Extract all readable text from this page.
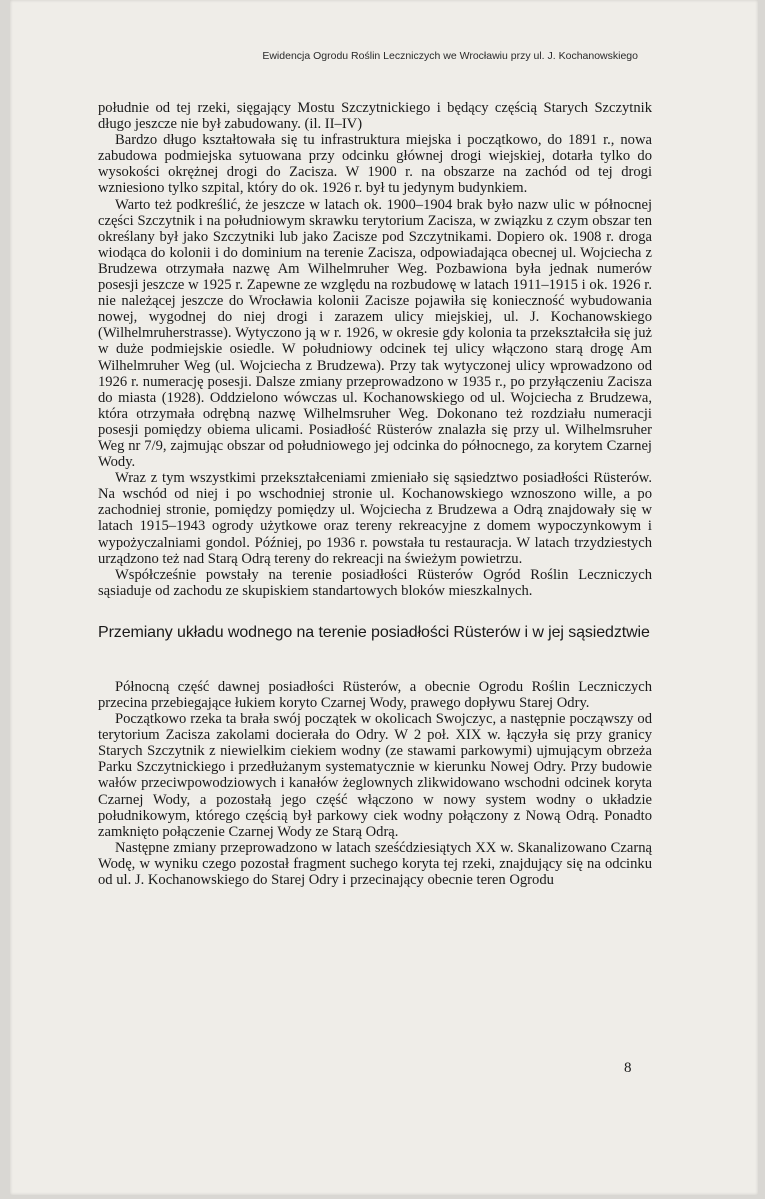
Ewidencja Ogrodu Roślin Leczniczych we Wrocławiu przy ul. J. Kochanowskiego

południe od tej rzeki, sięgający Mostu Szczytnickiego i będący częścią Starych Szczytnik długo jeszcze nie był zabudowany. (il. II–IV)

Bardzo długo kształtowała się tu infrastruktura miejska i początkowo, do 1891 r., nowa zabudowa podmiejska sytuowana przy odcinku głównej drogi wiejskiej, dotarła tylko do wysokości okrężnej drogi do Zacisza. W 1900 r. na obszarze na zachód od tej drogi wzniesiono tylko szpital, który do ok. 1926 r. był tu jedynym budynkiem.

Warto też podkreślić, że jeszcze w latach ok. 1900–1904 brak było nazw ulic w północnej części Szczytnik i na południowym skrawku terytorium Zacisza, w związku z czym obszar ten określany był jako Szczytniki lub jako Zacisze pod Szczytnikami. Dopiero ok. 1908 r. droga wiodąca do kolonii i do dominium na terenie Zacisza, odpowiadająca obecnej ul. Wojciecha z Brudzewa otrzymała nazwę Am Wilhelmruher Weg. Pozbawiona była jednak numerów posesji jeszcze w 1925 r. Zapewne ze względu na rozbudowę w latach 1911–1915 i ok. 1926 r. nie należącej jeszcze do Wrocławia kolonii Zacisze pojawiła się konieczność wybudowania nowej, wygodnej do niej drogi i zarazem ulicy miejskiej, ul. J. Kochanowskiego (Wilhelmruherstrasse). Wytyczono ją w r. 1926, w okresie gdy kolonia ta przekształciła się już w duże podmiejskie osiedle. W południowy odcinek tej ulicy włączono starą drogę Am Wilhelmruher Weg (ul. Wojciecha z Brudzewa). Przy tak wytyczonej ulicy wprowadzono od 1926 r. numerację posesji. Dalsze zmiany przeprowadzono w 1935 r., po przyłączeniu Zacisza do miasta (1928). Oddzielono wówczas ul. Kochanowskiego od ul. Wojciecha z Brudzewa, która otrzymała odrębną nazwę Wilhelmsruher Weg. Dokonano też rozdziału numeracji posesji pomiędzy obiema ulicami. Posiadłość Rüsterów znalazła się przy ul. Wilhelmsruher Weg nr 7/9, zajmując obszar od południowego jej odcinka do północnego, za korytem Czarnej Wody.

Wraz z tym wszystkimi przekształceniami zmieniało się sąsiedztwo posiadłości Rüsterów. Na wschód od niej i po wschodniej stronie ul. Kochanowskiego wznoszono wille, a po zachodniej stronie, pomiędzy pomiędzy ul. Wojciecha z Brudzewa a Odrą znajdowały się w latach 1915–1943 ogrody użytkowe oraz tereny rekreacyjne z domem wypoczynkowym i wypożyczalniami gondol. Później, po 1936 r. powstała tu restauracja. W latach trzydziestych urządzono też nad Starą Odrą tereny do rekreacji na świeżym powietrzu.

Współcześnie powstały na terenie posiadłości Rüsterów Ogród Roślin Leczniczych sąsiaduje od zachodu ze skupiskiem standartowych bloków mieszkalnych.

Przemiany układu wodnego na terenie posiadłości Rüsterów i w jej sąsiedztwie

Północną część dawnej posiadłości Rüsterów, a obecnie Ogrodu Roślin Leczniczych przecina przebiegające łukiem koryto Czarnej Wody, prawego dopływu Starej Odry.

Początkowo rzeka ta brała swój początek w okolicach Swojczyc, a następnie począwszy od terytorium Zacisza zakolami docierała do Odry. W 2 poł. XIX w. łączyła się przy granicy Starych Szczytnik z niewielkim ciekiem wodny (ze stawami parkowymi) ujmującym obrzeża Parku Szczytnickiego i przedłużanym systematycznie w kierunku Nowej Odry. Przy budowie wałów przeciwpowodziowych i kanałów żeglownych zlikwidowano wschodni odcinek koryta Czarnej Wody, a pozostałą jego część włączono w nowy system wodny o układzie południkowym, którego częścią był parkowy ciek wodny połączony z Nową Odrą. Ponadto zamknięto połączenie Czarnej Wody ze Starą Odrą.

Następne zmiany przeprowadzono w latach sześćdziesiątych XX w. Skanalizowano Czarną Wodę, w wyniku czego pozostał fragment suchego koryta tej rzeki, znajdujący się na odcinku od ul. J. Kochanowskiego do Starej Odry i przecinający obecnie teren Ogrodu

8
